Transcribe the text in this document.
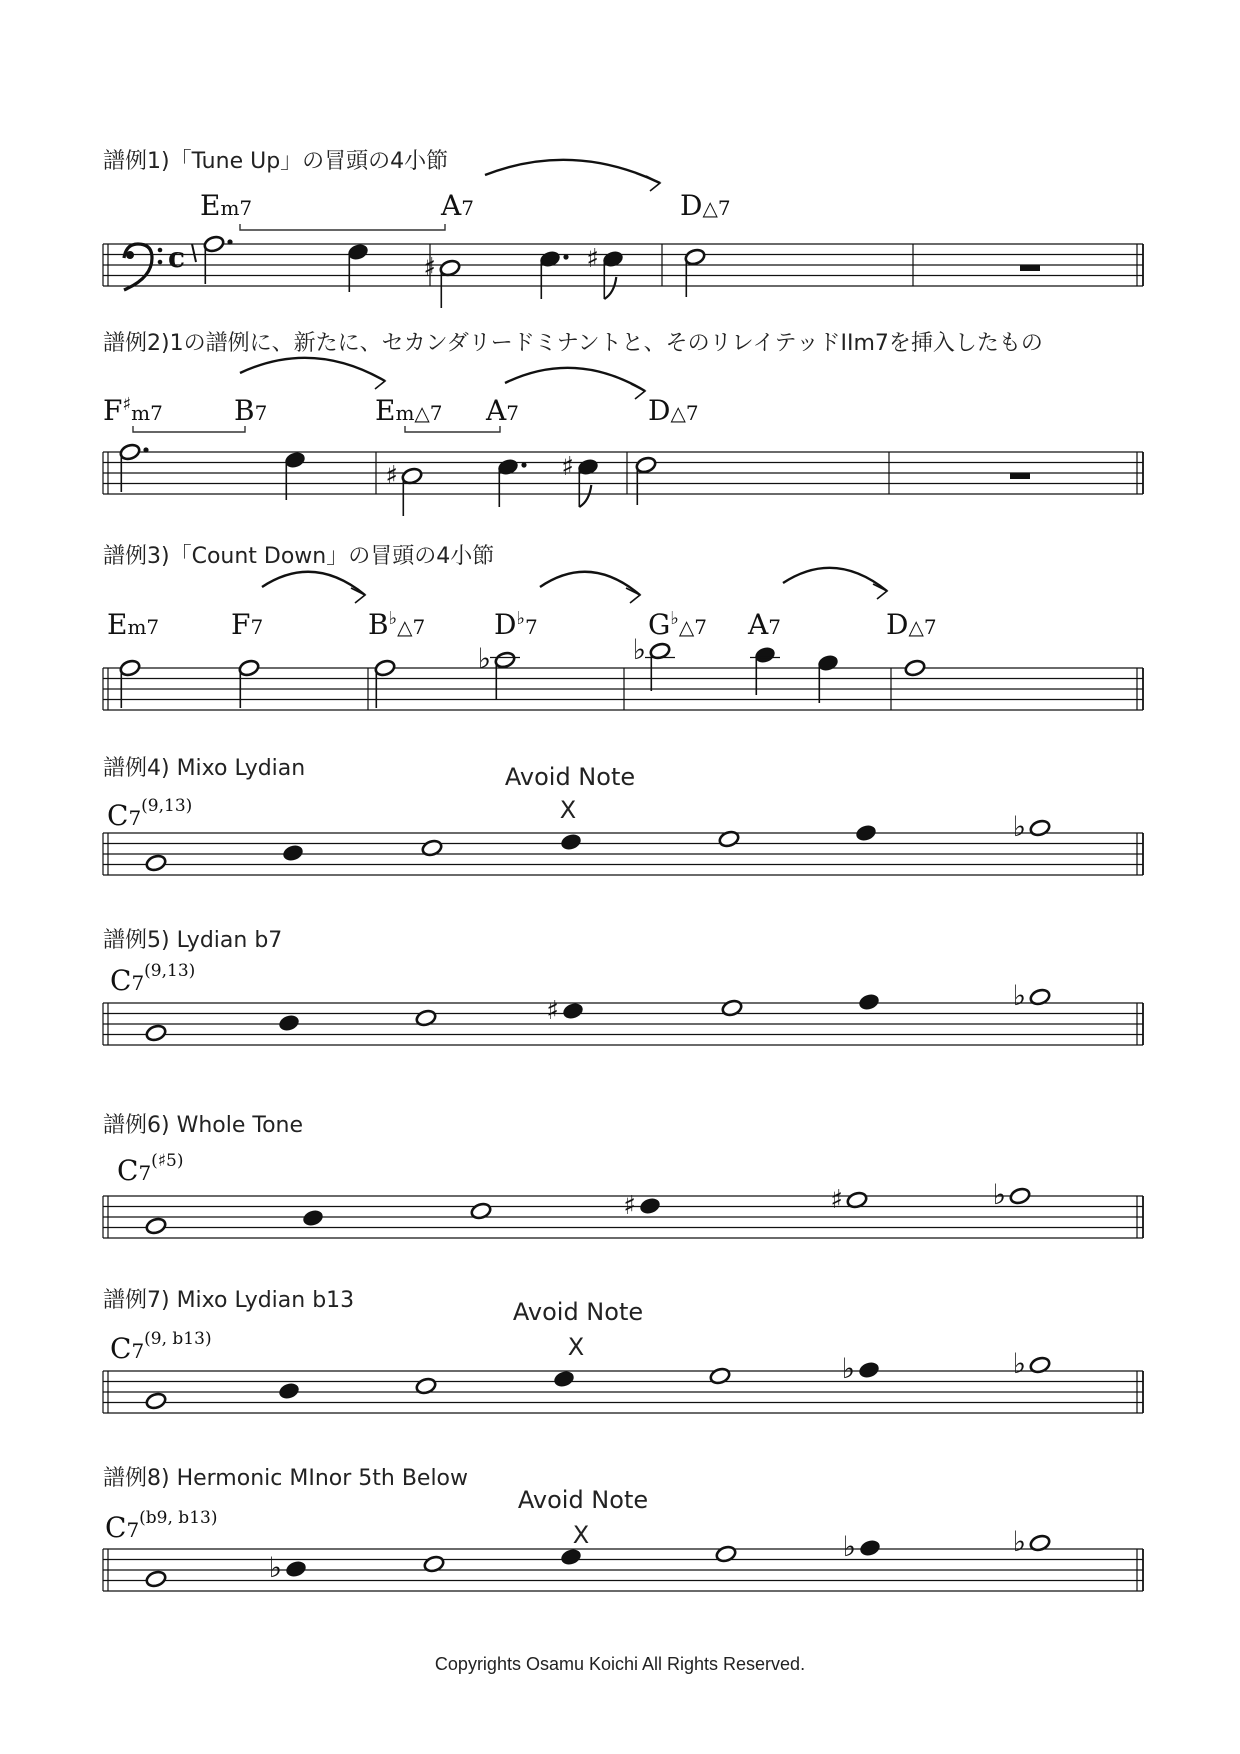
譜例1)「Tune Up」の冒頭の4小節
c
Em7	A7	D△7
♯	♯
譜例2)1の譜例に、新たに、セカンダリードミナントと、そのリレイテッドIIm7を挿入したもの
$F^♯_{m7}$	B7	Em△7 A7	D△7
♯	♯
譜例3)「Count Down」の冒頭の4小節
Em7	F7	$B^♭_{\triangle 7}$ $D^♭_7$	$G^♭_{\triangle 7}$ A7	D△7
♭	♭
譜例4) Mixo Lydian
C7$^{(9,13)}$
♭
Avoid Note
X
譜例5) Lydian b7
C7$^{(9,13)}$
♯	♭
譜例6) Whole Tone
$C7^{(♯5)}$
♯	♯	♭
譜例7) Mixo Lydian b13
$C7^{(9, b13)}$
♭	♭
Avoid Note
X
譜例8) Hermonic MInor 5th Below
$C7^{(b9, b13)}$
♭
♭	♭
Avoid Note
X
Copyrights Osamu Koichi All Rights Reserved.
